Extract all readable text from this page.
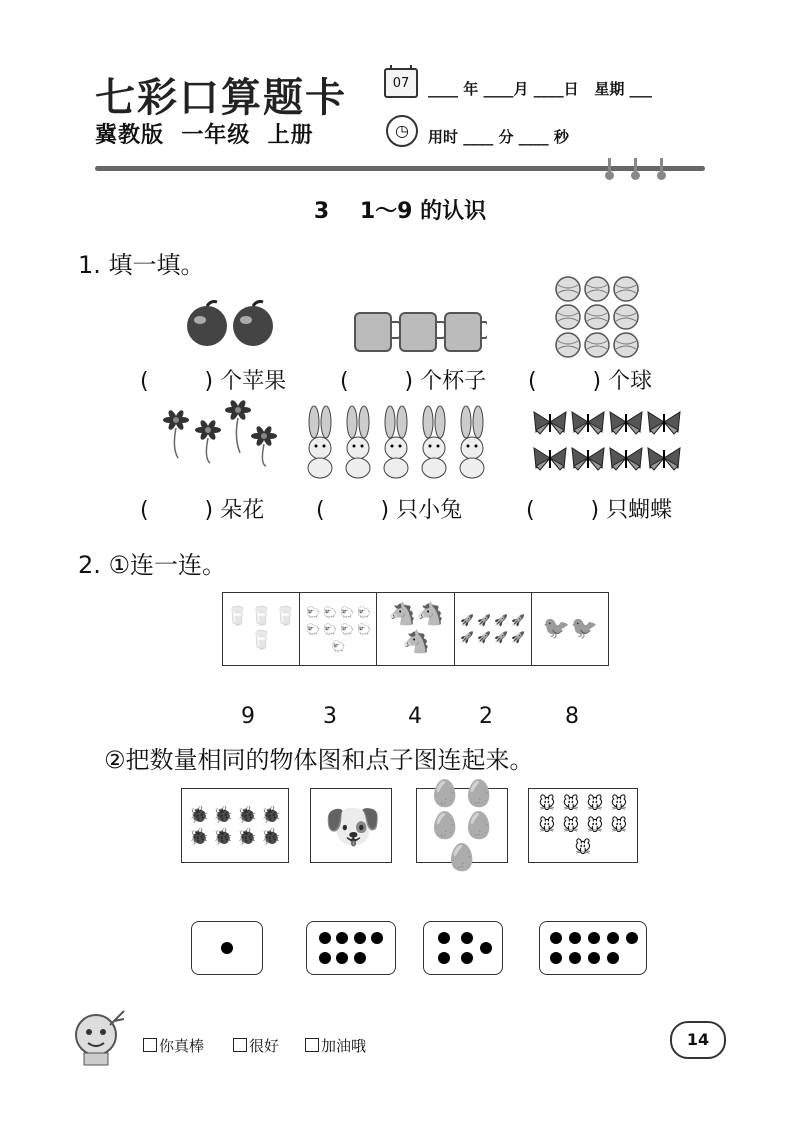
七彩口算题卡
冀教版  一年级  上册
07	____ 年 ____月 ____日   星期 ___
◷	用时 ____ 分 ____ 秒
3    1～9 的认识
1. 填一填。
(        ) 个苹果 (        ) 个杯子 (        ) 个球
(        ) 朵花 (        ) 只小兔	(        ) 只蝴蝶
2. ①连一连。
🥛 🥛 🥛
🥛
🐑 🐑 🐑 🐑
🐑 🐑 🐑 🐑
🐑
🐴 🐴
🐴
🚀 🚀 🚀 🚀
🚀 🚀 🚀 🚀 🐦 🐦
9	3	4	2	8
②把数量相同的物体图和点子图连起来。
🐞 🐞 🐞 🐞
🐞 🐞 🐞 🐞 🐶
🥚 🥚
🥚 🥚
🥚
🐭 🐭 🐭 🐭
🐭 🐭 🐭 🐭
🐭
你真棒	很好	加油哦	14
